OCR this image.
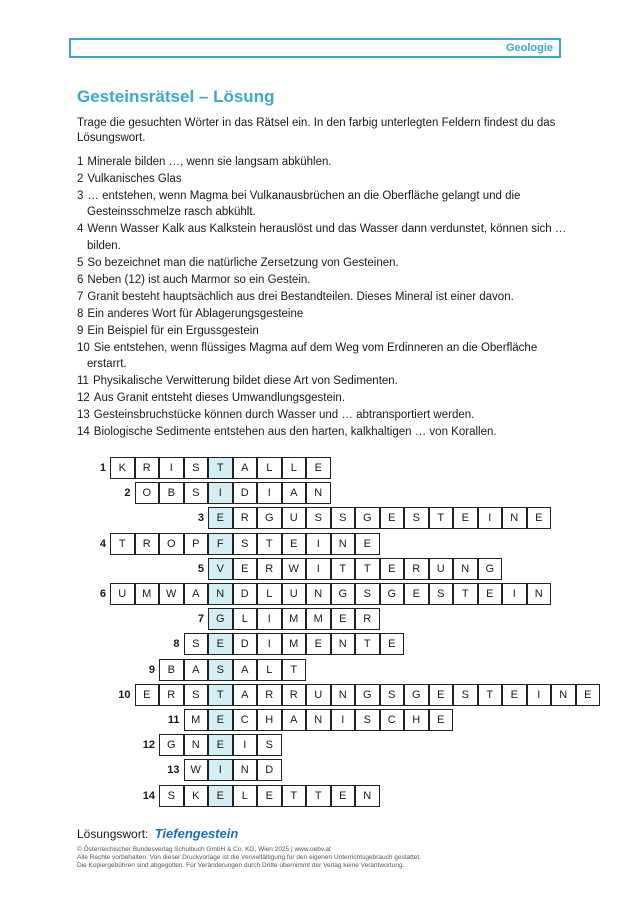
Geologie
Gesteinsrätsel – Lösung

Trage die gesuchten Wörter in das Rätsel ein. In den farbig unterlegten Feldern findest du das Lösungswort.

1 Minerale bilden …, wenn sie langsam abkühlen.
2 Vulkanisches Glas
3 … entstehen, wenn Magma bei Vulkanausbrüchen an die Oberfläche gelangt und die Gesteinsschmelze rasch abkühlt.
4 Wenn Wasser Kalk aus Kalkstein herauslöst und das Wasser dann verdunstet, können sich … bilden.
5 So bezeichnet man die natürliche Zersetzung von Gesteinen.
6 Neben (12) ist auch Marmor so ein Gestein.
7 Granit besteht hauptsächlich aus drei Bestandteilen. Dieses Mineral ist einer davon.
8 Ein anderes Wort für Ablagerungsgesteine
9 Ein Beispiel für ein Ergussgestein
10 Sie entstehen, wenn flüssiges Magma auf dem Weg vom Erdinneren an die Oberfläche erstarrt.
11 Physikalische Verwitterung bildet diese Art von Sedimenten.
12 Aus Granit entsteht dieses Umwandlungsgestein.
13 Gesteinsbruchstücke können durch Wasser und … abtransportiert werden.
14 Biologische Sedimente entstehen aus den harten, kalkhaltigen … von Korallen.
1	K	R	I	S	T	A	L	L	E
2	O	B	S	I	D	I	A	N
3	E	R	G	U	S	S	G	E	S	T	E	I	N	E
4	T	R	O	P	F	S	T	E	I	N	E
5	V	E	R	W	I	T	T	E	R	U	N	G
6	U	M	W	A	N	D	L	U	N	G	S	G	E	S	T	E	I	N
7	G	L	I	M	M	E	R
8	S	E	D	I	M	E	N	T	E
9	B	A	S	A	L	T
10	E	R	S	T	A	R	R	U	N	G	S	G	E	S	T	E	I	N	E
11	M	E	C	H	A	N	I	S	C	H	E
12	G	N	E	I	S
13	W	I	N	D
14	S	K	E	L	E	T	T	E	N
Lösungswort: Tiefengestein
© Österreichischer Bundesverlag Schulbuch GmbH & Co. KG, Wien 2025 | www.oebv.at
Alle Rechte vorbehalten. Von dieser Druckvorlage ist die Vervielfältigung für den eigenen Unterrichtsgebrauch gestattet.
Die Kopiergebühren sind abgegolten. Für Veränderungen durch Dritte übernimmt der Verlag keine Verantwortung.
